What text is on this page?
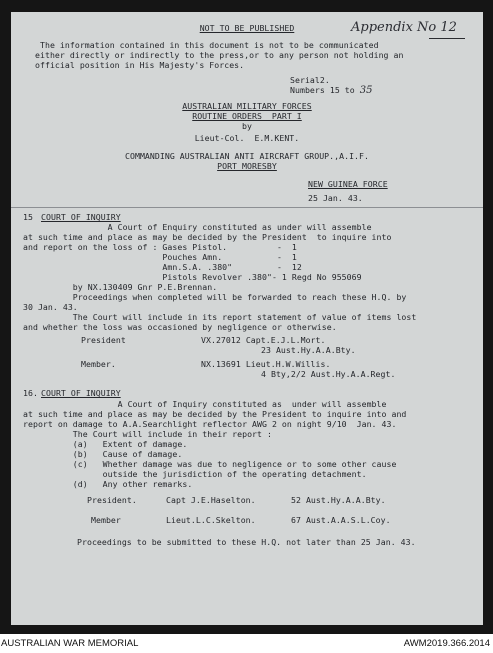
NOT TO BE PUBLISHED	Appendix No 12
The information contained in this document is not to be communicated
either directly or indirectly to the press,or to any person not holding an
official position in His Majesty's Forces.
Serial2.
Numbers 15 to 35
AUSTRALIAN MILITARY FORCES
ROUTINE ORDERS  PART I
by
Lieut-Col.  E.M.KENT.
COMMANDING AUSTRALIAN ANTI AIRCRAFT GROUP.,A.I.F.
PORT MORESBY
NEW GUINEA FORCE
25 Jan. 43.
15 COURT OF INQUIRY
A Court of Enquiry constituted as under will assemble
at such time and place as may be decided by the President  to inquire into
and report on the loss of : Gases Pistol.          -  1
Pouches Amn.           -  1
Amn.S.A. .380"         -  12
Pistols Revolver .380"- 1 Regd No 955069
by NX.130409 Gnr P.E.Brennan.
Proceedings when completed will be forwarded to reach these H.Q. by
30 Jan. 43.
The Court will include in its report statement of value of items lost
and whether the loss was occasioned by negligence or otherwise.
President	VX.27012 Capt.E.J.L.Mort.
23 Aust.Hy.A.A.Bty.
Member.	NX.13691 Lieut.H.W.Willis.
4 Bty,2/2 Aust.Hy.A.A.Regt.
16. COURT OF INQUIRY
A Court of Inquiry constituted as  under will assemble
at such time and place as may be decided by the President to inquire into and
report on damage to A.A.Searchlight reflector AWG 2 on night 9/10  Jan. 43.
The Court will include in their report :
(a)   Extent of damage.
(b)   Cause of damage.
(c)   Whether damage was due to negligence or to some other cause
outside the jurisdiction of the operating detachment.
(d)   Any other remarks.
President.	Capt J.E.Haselton.	52 Aust.Hy.A.A.Bty.
Member	Lieut.L.C.Skelton.	67 Aust.A.A.S.L.Coy.
Proceedings to be submitted to these H.Q. not later than 25 Jan. 43.
AUSTRALIAN WAR MEMORIAL	AWM2019.366.2014
